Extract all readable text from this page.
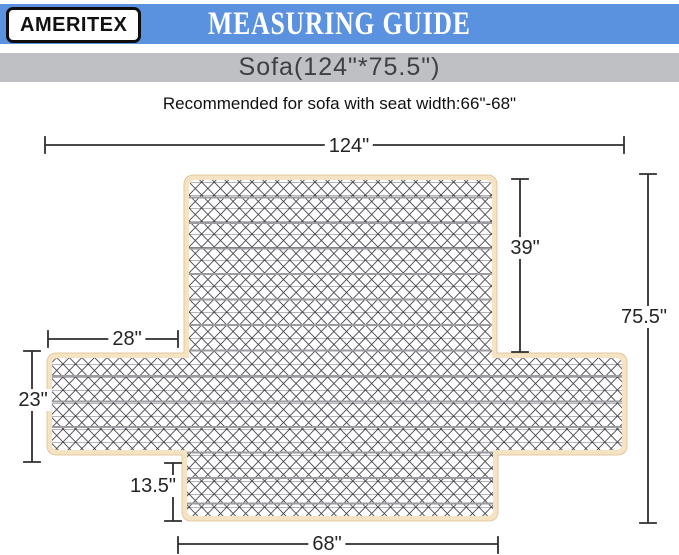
MEASURING GUIDE
AMERITEX
Sofa(124"*75.5")
Recommended for sofa with seat width:66"-68"
124"
39"
75.5"
28"
23"
13.5"
68"
